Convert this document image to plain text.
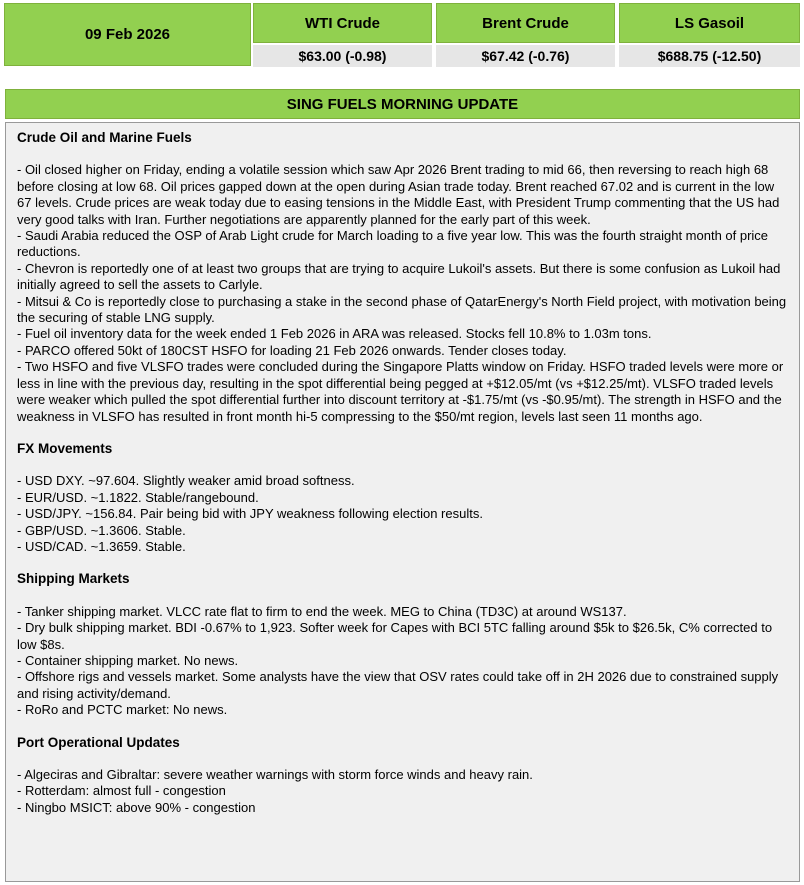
09 Feb 2026
WTI Crude
$63.00 (-0.98)
Brent Crude
$67.42 (-0.76)
LS Gasoil
$688.75 (-12.50)
SING FUELS MORNING UPDATE
Crude Oil and Marine Fuels

- Oil closed higher on Friday, ending a volatile session which saw Apr 2026 Brent trading to mid 66, then reversing to reach high 68 before closing at low 68. Oil prices gapped down at the open during Asian trade today. Brent reached 67.02 and is current in the low 67 levels. Crude prices are weak today due to easing tensions in the Middle East, with President Trump commenting that the US had very good talks with Iran. Further negotiations are apparently planned for the early part of this week.

- Saudi Arabia reduced the OSP of Arab Light crude for March loading to a five year low. This was the fourth straight month of price reductions.

- Chevron is reportedly one of at least two groups that are trying to acquire Lukoil's assets. But there is some confusion as Lukoil had initially agreed to sell the assets to Carlyle.

- Mitsui & Co is reportedly close to purchasing a stake in the second phase of QatarEnergy's North Field project, with motivation being the securing of stable LNG supply.

- Fuel oil inventory data for the week ended 1 Feb 2026 in ARA was released. Stocks fell 10.8% to 1.03m tons.

- PARCO offered 50kt of 180CST HSFO for loading 21 Feb 2026 onwards. Tender closes today.

- Two HSFO and five VLSFO trades were concluded during the Singapore Platts window on Friday. HSFO traded levels were more or less in line with the previous day, resulting in the spot differential being pegged at +$12.05/mt (vs +$12.25/mt). VLSFO traded levels were weaker which pulled the spot differential further into discount territory at -$1.75/mt (vs -$0.95/mt). The strength in HSFO and the weakness in VLSFO has resulted in front month hi-5 compressing to the $50/mt region, levels last seen 11 months ago.

FX Movements

- USD DXY. ~97.604. Slightly weaker amid broad softness.

- EUR/USD. ~1.1822. Stable/rangebound.

- USD/JPY. ~156.84. Pair being bid with JPY weakness following election results.

- GBP/USD. ~1.3606. Stable.

- USD/CAD. ~1.3659. Stable.

Shipping Markets

- Tanker shipping market. VLCC rate flat to firm to end the week. MEG to China (TD3C) at around WS137.

- Dry bulk shipping market. BDI -0.67% to 1,923. Softer week for Capes with BCI 5TC falling around $5k to $26.5k, C% corrected to low $8s.

- Container shipping market. No news.

- Offshore rigs and vessels market. Some analysts have the view that OSV rates could take off in 2H 2026 due to constrained supply and rising activity/demand.

- RoRo and PCTC market: No news.

Port Operational Updates

- Algeciras and Gibraltar: severe weather warnings with storm force winds and heavy rain.

- Rotterdam: almost full - congestion

- Ningbo MSICT: above 90% - congestion
